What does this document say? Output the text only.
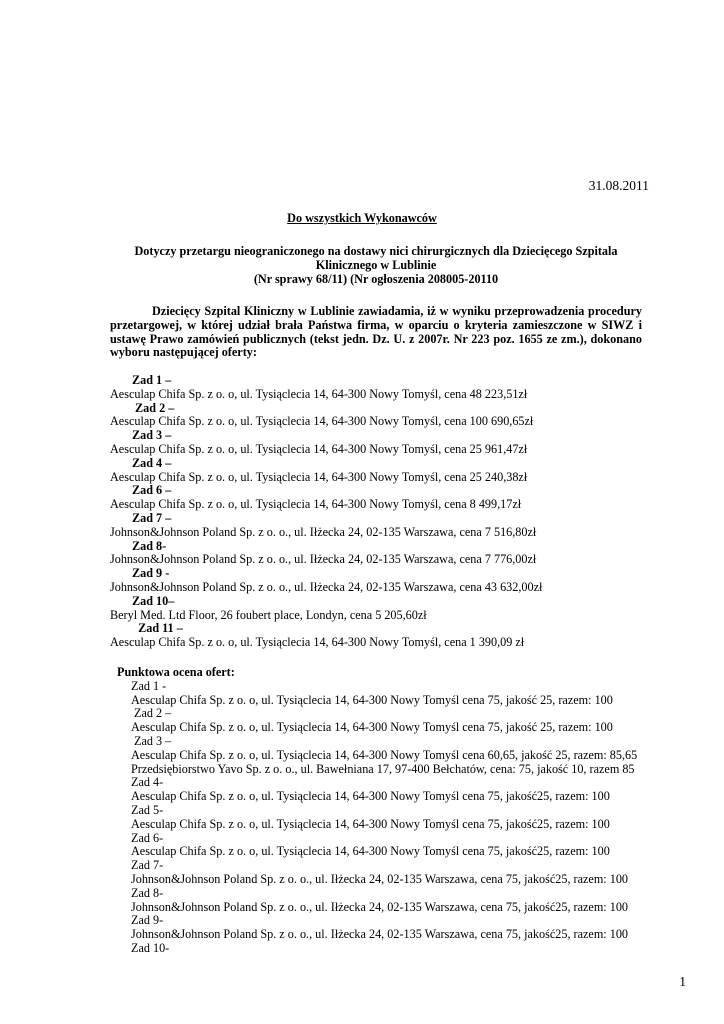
31.08.2011
Do wszystkich Wykonawców
Dotyczy przetargu nieograniczonego na dostawy nici chirurgicznych dla Dziecięcego Szpitala
Klinicznego w Lublinie
(Nr sprawy 68/11) (Nr ogłoszenia 208005-20110

Dziecięcy Szpital Kliniczny w Lublinie zawiadamia, iż w wyniku przeprowadzenia procedury przetargowej, w której udział brała Państwa firma, w oparciu o kryteria zamieszczone w SIWZ i ustawę Prawo zamówień publicznych (tekst jedn. Dz. U. z 2007r. Nr 223 poz. 1655 ze zm.), dokonano wyboru następującej oferty:

Zad 1 –
Aesculap Chifa Sp. z o. o, ul. Tysiąclecia 14, 64-300 Nowy Tomyśl, cena 48 223,51zł
Zad 2 –
Aesculap Chifa Sp. z o. o, ul. Tysiąclecia 14, 64-300 Nowy Tomyśl, cena 100 690,65zł
Zad 3 –
Aesculap Chifa Sp. z o. o, ul. Tysiąclecia 14, 64-300 Nowy Tomyśl, cena 25 961,47zł
Zad 4 –
Aesculap Chifa Sp. z o. o, ul. Tysiąclecia 14, 64-300 Nowy Tomyśl, cena 25 240,38zł
Zad 6 –
Aesculap Chifa Sp. z o. o, ul. Tysiąclecia 14, 64-300 Nowy Tomyśl, cena 8 499,17zł
Zad 7 –
Johnson&Johnson Poland Sp. z o. o., ul. Iłżecka 24, 02-135 Warszawa, cena 7 516,80zł
Zad 8-
Johnson&Johnson Poland Sp. z o. o., ul. Iłżecka 24, 02-135 Warszawa, cena 7 776,00zł
Zad 9 -
Johnson&Johnson Poland Sp. z o. o., ul. Iłżecka 24, 02-135 Warszawa, cena 43 632,00zł
Zad 10–
Beryl Med. Ltd Floor, 26 foubert place, Londyn, cena 5 205,60zł
Zad 11 –
Aesculap Chifa Sp. z o. o, ul. Tysiąclecia 14, 64-300 Nowy Tomyśl, cena 1 390,09 zł
Punktowa ocena ofert:
Zad 1 -
Aesculap Chifa Sp. z o. o, ul. Tysiąclecia 14, 64-300 Nowy Tomyśl cena 75, jakość 25, razem: 100
Zad 2 –
Aesculap Chifa Sp. z o. o, ul. Tysiąclecia 14, 64-300 Nowy Tomyśl cena 75, jakość 25, razem: 100
Zad 3 –
Aesculap Chifa Sp. z o. o, ul. Tysiąclecia 14, 64-300 Nowy Tomyśl cena 60,65, jakość 25, razem: 85,65
Przedsiębiorstwo Yavo Sp. z o. o., ul. Bawełniana 17, 97-400 Bełchatów, cena: 75, jakość 10, razem 85
Zad 4-
Aesculap Chifa Sp. z o. o, ul. Tysiąclecia 14, 64-300 Nowy Tomyśl cena 75, jakość25, razem: 100
Zad 5-
Aesculap Chifa Sp. z o. o, ul. Tysiąclecia 14, 64-300 Nowy Tomyśl cena 75, jakość25, razem: 100
Zad 6-
Aesculap Chifa Sp. z o. o, ul. Tysiąclecia 14, 64-300 Nowy Tomyśl cena 75, jakość25, razem: 100
Zad 7-
Johnson&Johnson Poland Sp. z o. o., ul. Iłżecka 24, 02-135 Warszawa, cena 75, jakość25, razem: 100
Zad 8-
Johnson&Johnson Poland Sp. z o. o., ul. Iłżecka 24, 02-135 Warszawa, cena 75, jakość25, razem: 100
Zad 9-
Johnson&Johnson Poland Sp. z o. o., ul. Iłżecka 24, 02-135 Warszawa, cena 75, jakość25, razem: 100
Zad 10-
1
